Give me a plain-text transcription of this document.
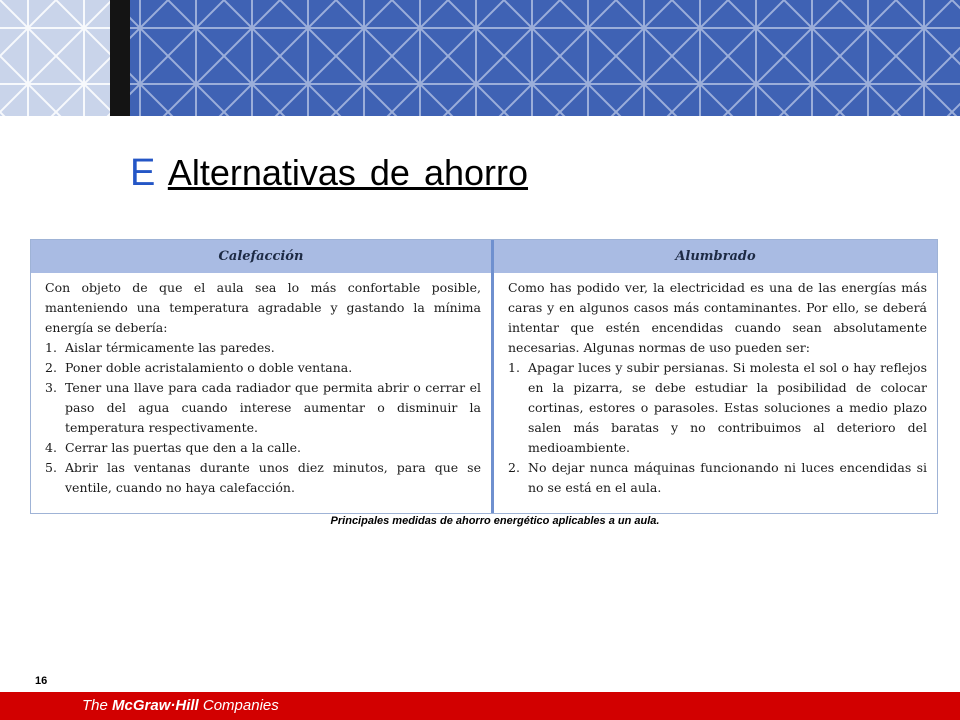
E Alternativas de ahorro
Calefacción

Con objeto de que el aula sea lo más confortable posible, manteniendo una temperatura agradable y gastando la mínima energía se debería:

1. Aislar térmicamente las paredes.
2. Poner doble acristalamiento o doble ventana.
3. Tener una llave para cada radiador que permita abrir o cerrar el paso del agua cuando interese aumentar o disminuir la temperatura respectivamente.
4. Cerrar las puertas que den a la calle.
5. Abrir las ventanas durante unos diez minutos, para que se ventile, cuando no haya calefacción.
Alumbrado

Como has podido ver, la electricidad es una de las energías más caras y en algunos casos más contaminantes. Por ello, se deberá intentar que estén encendidas cuando sean absolutamente necesarias. Algunas normas de uso pueden ser:

1. Apagar luces y subir persianas. Si molesta el sol o hay reflejos en la pizarra, se debe estudiar la posibilidad de colocar cortinas, estores o parasoles. Estas soluciones a medio plazo salen más baratas y no contribuimos al deterioro del medioambiente.
2. No dejar nunca máquinas funcionando ni luces encendidas si no se está en el aula.
Principales medidas de ahorro energético aplicables a un aula.
16
The McGraw·Hill Companies
